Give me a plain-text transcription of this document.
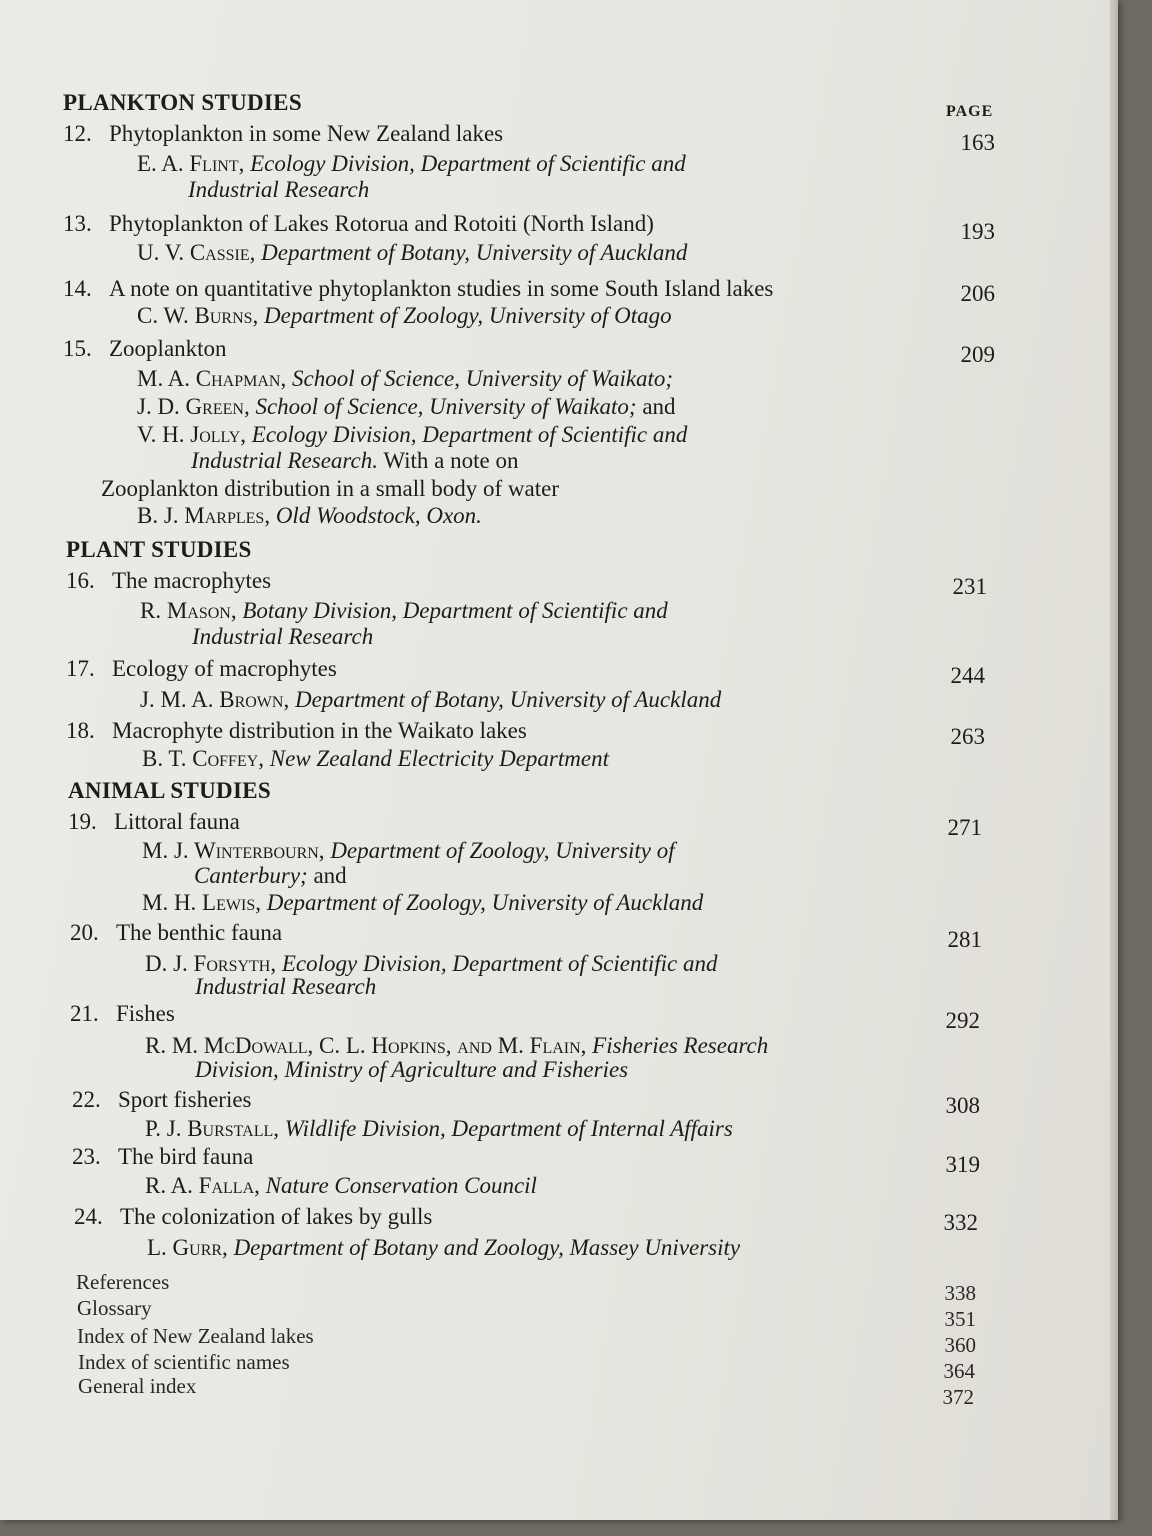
PLANKTON STUDIES	PAGE
12. Phytoplankton in some New Zealand lakes	163
E. A. Flint, Ecology Division, Department of Scientific and
Industrial Research
13. Phytoplankton of Lakes Rotorua and Rotoiti (North Island)	193
U. V. Cassie, Department of Botany, University of Auckland
14. A note on quantitative phytoplankton studies in some South Island lakes	206
C. W. Burns, Department of Zoology, University of Otago
15. Zooplankton	209
M. A. Chapman, School of Science, University of Waikato;
J. D. Green, School of Science, University of Waikato; and
V. H. Jolly, Ecology Division, Department of Scientific and
Industrial Research. With a note on
Zooplankton distribution in a small body of water
B. J. Marples, Old Woodstock, Oxon.
PLANT STUDIES
16. The macrophytes	231
R. Mason, Botany Division, Department of Scientific and
Industrial Research
17. Ecology of macrophytes	244
J. M. A. Brown, Department of Botany, University of Auckland
18. Macrophyte distribution in the Waikato lakes	263
B. T. Coffey, New Zealand Electricity Department
ANIMAL STUDIES
19. Littoral fauna	271
M. J. Winterbourn, Department of Zoology, University of
Canterbury; and
M. H. Lewis, Department of Zoology, University of Auckland
20. The benthic fauna	281
D. J. Forsyth, Ecology Division, Department of Scientific and
Industrial Research
21. Fishes	292
R. M. McDowall, C. L. Hopkins, and M. Flain, Fisheries Research
Division, Ministry of Agriculture and Fisheries
22. Sport fisheries	308
P. J. Burstall, Wildlife Division, Department of Internal Affairs
23. The bird fauna	319
R. A. Falla, Nature Conservation Council
24. The colonization of lakes by gulls	332
L. Gurr, Department of Botany and Zoology, Massey University
References	338
Glossary	351
Index of New Zealand lakes	360
Index of scientific names	364
General index	372
